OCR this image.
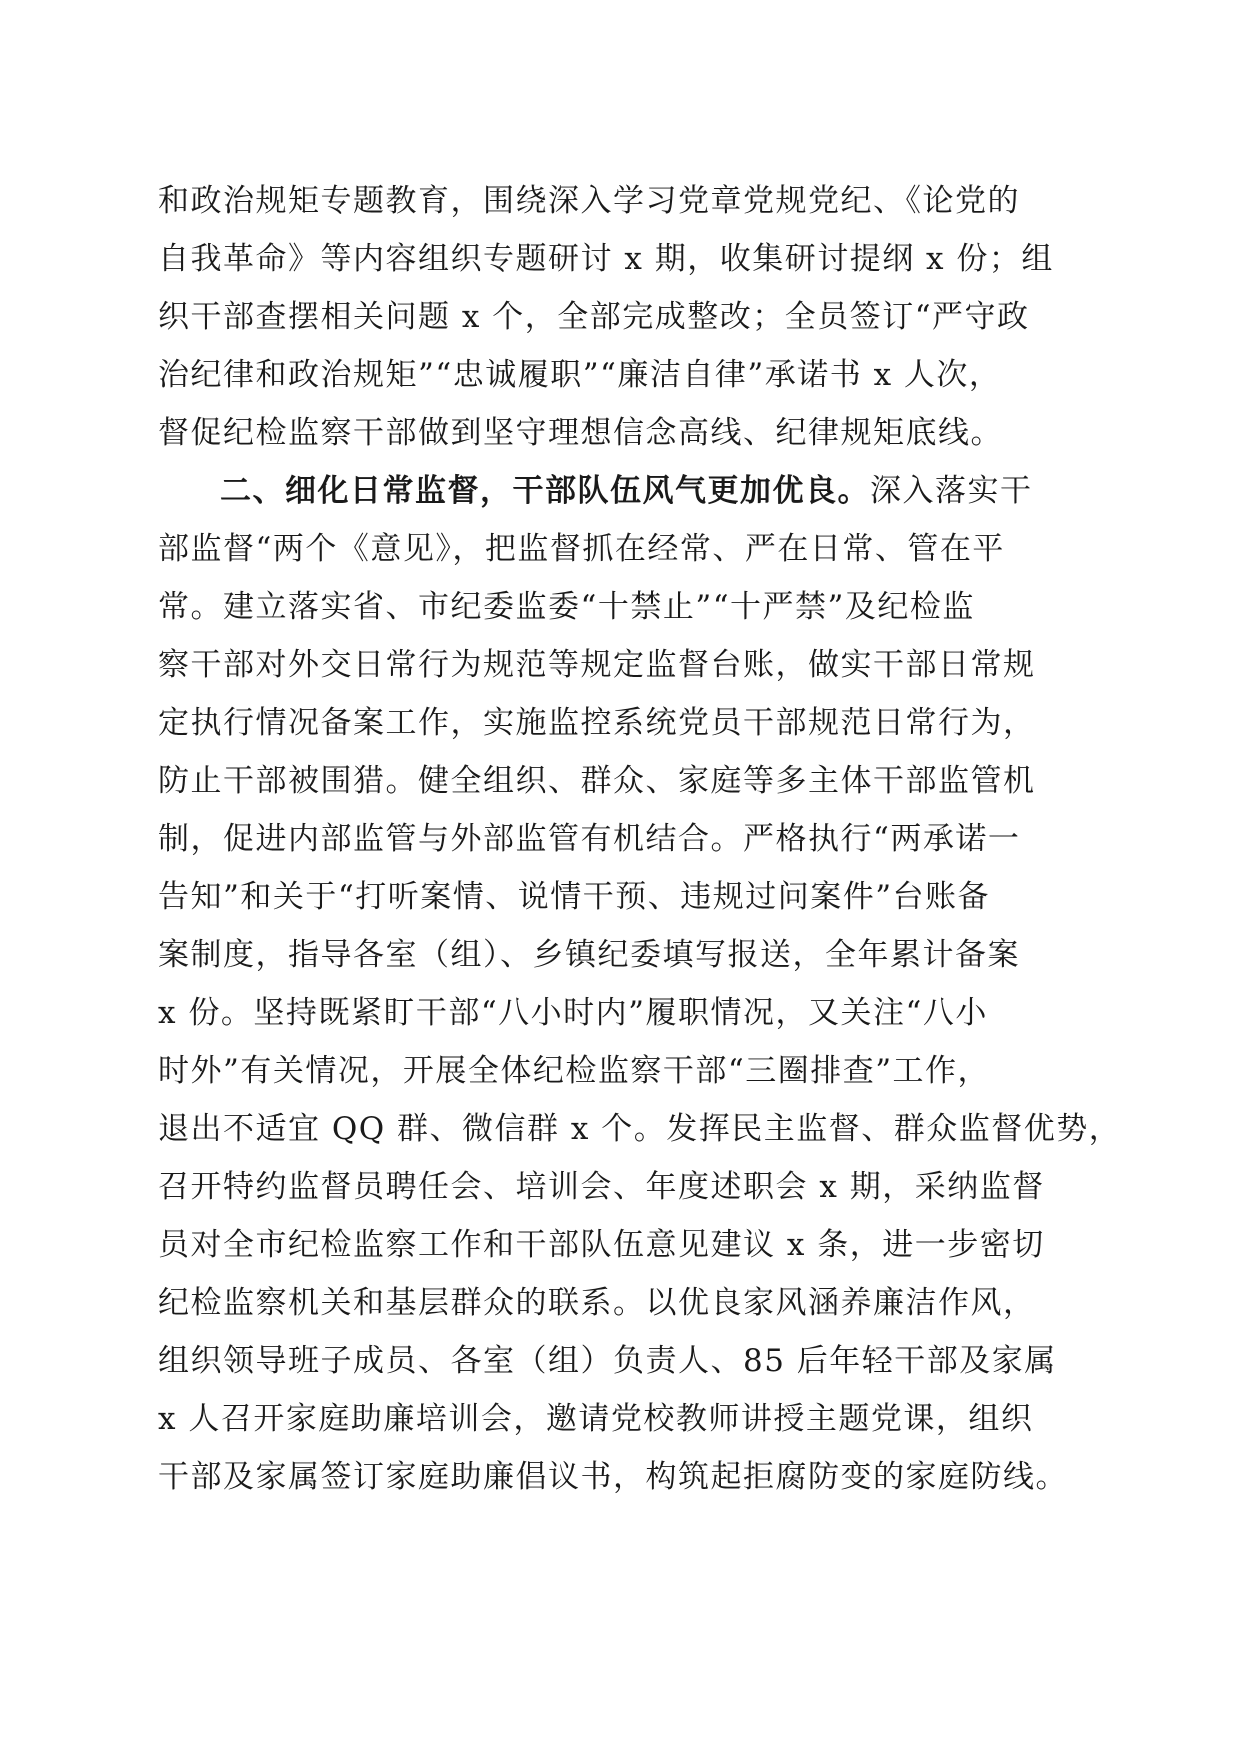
和政治规矩专题教育，围绕深入学习党章党规党纪、《论党的
自我革命》等内容组织专题研讨 x 期，收集研讨提纲 x 份；组
织干部查摆相关问题 x 个，全部完成整改；全员签订“严守政
治纪律和政治规矩”“忠诚履职”“廉洁自律”承诺书 x 人次，
督促纪检监察干部做到坚守理想信念高线、纪律规矩底线。
二、细化日常监督，干部队伍风气更加优良。深入落实干
部监督“两个《意见》，把监督抓在经常、严在日常、管在平
常。建立落实省、市纪委监委“十禁止”“十严禁”及纪检监
察干部对外交日常行为规范等规定监督台账，做实干部日常规
定执行情况备案工作，实施监控系统党员干部规范日常行为，
防止干部被围猎。健全组织、群众、家庭等多主体干部监管机
制，促进内部监管与外部监管有机结合。严格执行“两承诺一
告知”和关于“打听案情、说情干预、违规过问案件”台账备
案制度，指导各室（组）、乡镇纪委填写报送，全年累计备案
x 份。坚持既紧盯干部“八小时内”履职情况，又关注“八小
时外”有关情况，开展全体纪检监察干部“三圈排查”工作，
退出不适宜 QQ 群、微信群 x 个。发挥民主监督、群众监督优势，
召开特约监督员聘任会、培训会、年度述职会 x 期，采纳监督
员对全市纪检监察工作和干部队伍意见建议 x 条，进一步密切
纪检监察机关和基层群众的联系。以优良家风涵养廉洁作风，
组织领导班子成员、各室（组）负责人、85 后年轻干部及家属
x 人召开家庭助廉培训会，邀请党校教师讲授主题党课，组织
干部及家属签订家庭助廉倡议书，构筑起拒腐防变的家庭防线。
